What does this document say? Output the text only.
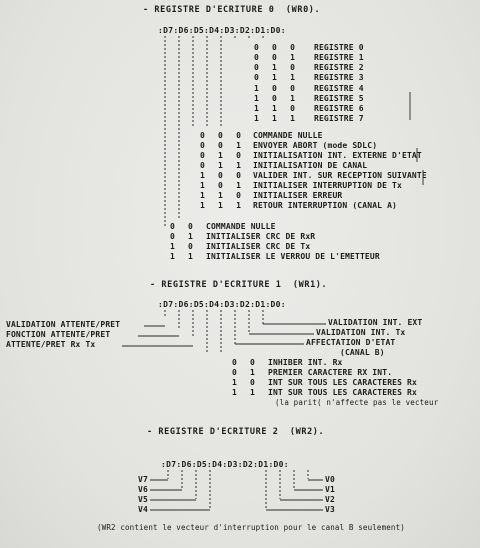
- REGISTRE D'ECRITURE 0  (WR0).
:D7:D6:D5:D4:D3:D2:D1:D0:
0  0  0 REGISTRE 0
0  0  1 REGISTRE 1
0  1  0 REGISTRE 2
0  1  1 REGISTRE 3
1  0  0 REGISTRE 4
1  0  1 REGISTRE 5
1  1  0 REGISTRE 6
1  1  1 REGISTRE 7
0  0  0 COMMANDE NULLE
0  0  1 ENVOYER ABORT (mode SDLC)
0  1  0 INITIALISATION INT. EXTERNE D'ETAT
0  1  1 INITIALISATION DE CANAL
1  0  0 VALIDER INT. SUR RECEPTION SUIVANTE
1  0  1 INITIALISER INTERRUPTION DE Tx
1  1  0 INITIALISER ERREUR
1  1  1 RETOUR INTERRUPTION (CANAL A)
0  0 COMMANDE NULLE
0  1 INITIALISER CRC DE RxR
1  0 INITIALISER CRC DE Tx
1  1 INITIALISER LE VERROU DE L'EMETTEUR
- REGISTRE D'ECRITURE 1  (WR1).
:D7:D6:D5:D4:D3:D2:D1:D0:
VALIDATION ATTENTE/PRET
FONCTION ATTENTE/PRET
ATTENTE/PRET Rx Tx
VALIDATION INT. EXT
VALIDATION INT. Tx
AFFECTATION D'ETAT
(CANAL B)
0  0 INHIBER INT. Rx
0  1 PREMIER CARACTERE RX INT.
1  0 INT SUR TOUS LES CARACTERES Rx
1  1 INT SUR TOUS LES CARACTERES Rx
(la parit( n'affecte pas le vecteur
- REGISTRE D'ECRITURE 2  (WR2).
:D7:D6:D5:D4:D3:D2:D1:D0:
V7
V6
V5
V4
V0
V1
V2
V3
(WR2 contient le vecteur d'interruption pour le canal B seulement)
